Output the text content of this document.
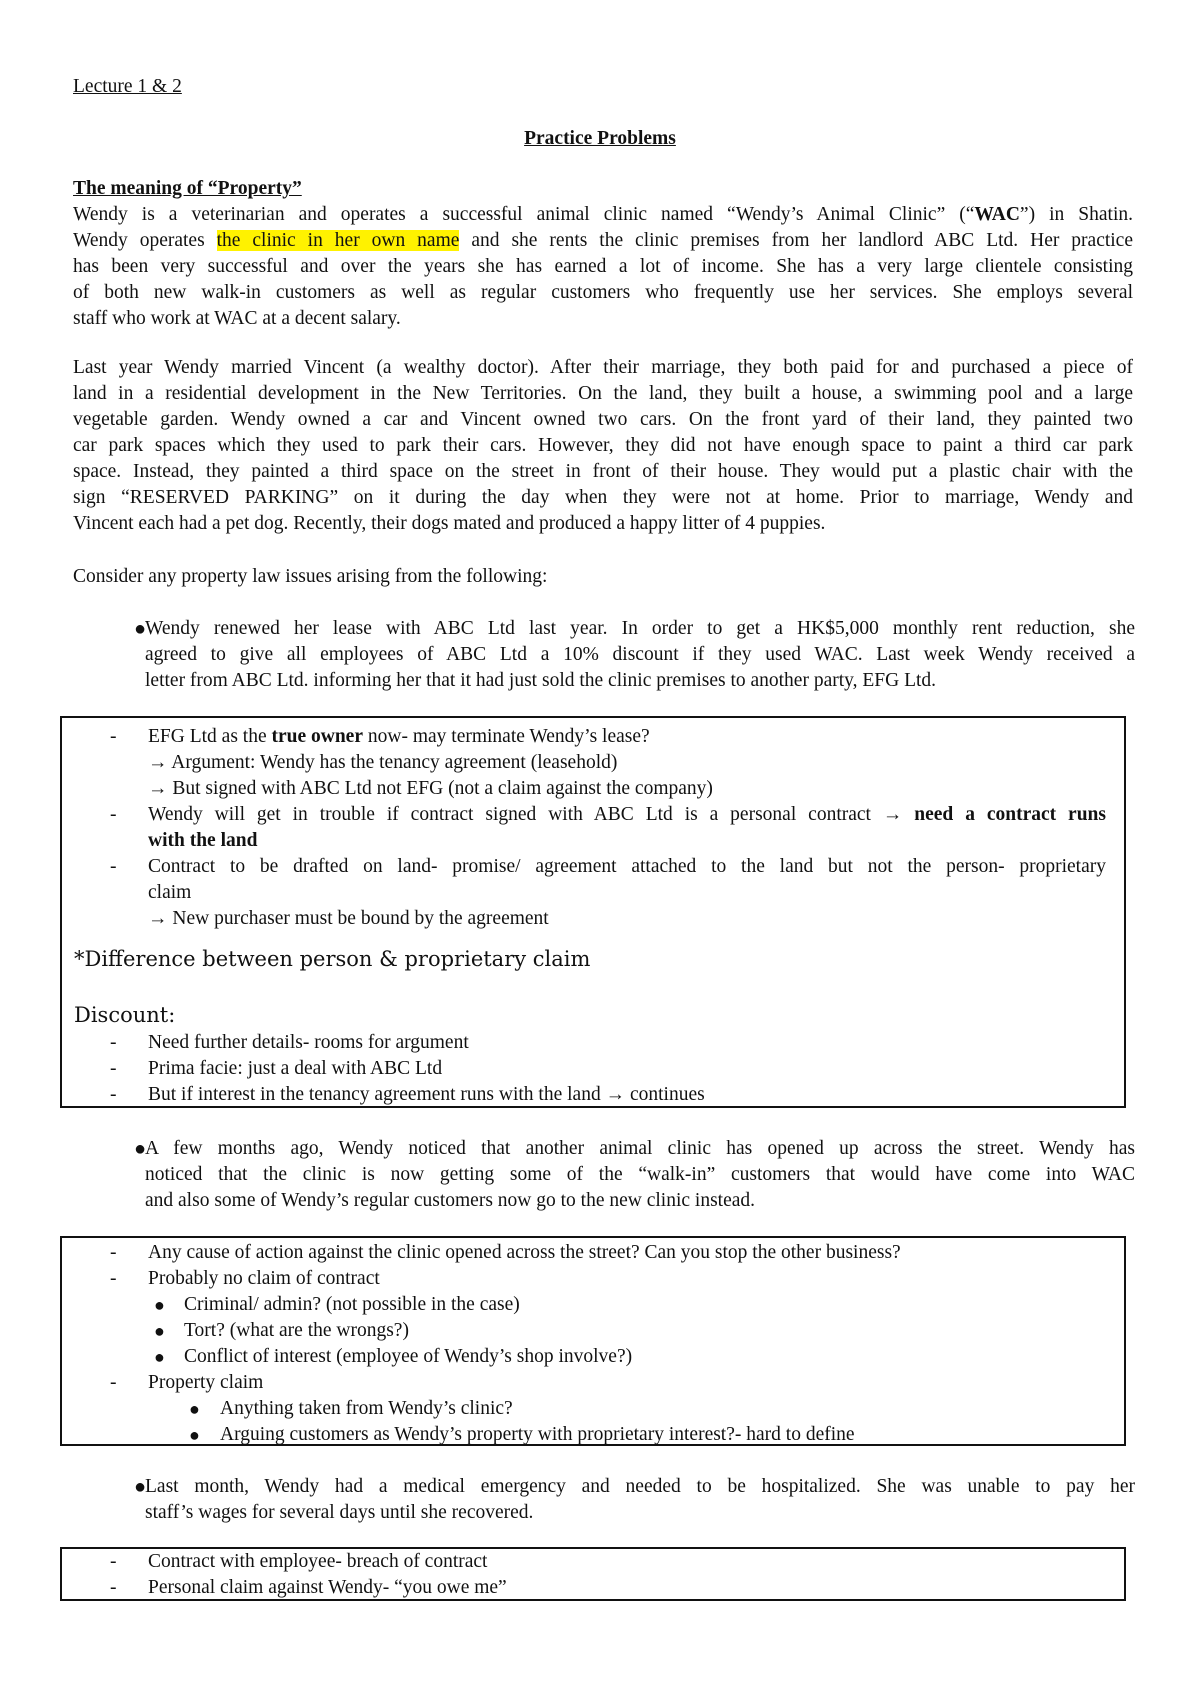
Lecture 1 & 2
Practice Problems
The meaning of “Property”
Wendy is a veterinarian and operates a successful animal clinic named “Wendy’s Animal Clinic” (“WAC”) in Shatin.
Wendy operates the clinic in her own name and she rents the clinic premises from her landlord ABC Ltd. Her practice
has been very successful and over the years she has earned a lot of income. She has a very large clientele consisting
of both new walk-in customers as well as regular customers who frequently use her services. She employs several
staff who work at WAC at a decent salary.
Last year Wendy married Vincent (a wealthy doctor). After their marriage, they both paid for and purchased a piece of
land in a residential development in the New Territories. On the land, they built a house, a swimming pool and a large
vegetable garden. Wendy owned a car and Vincent owned two cars. On the front yard of their land, they painted two
car park spaces which they used to park their cars. However, they did not have enough space to paint a third car park
space. Instead, they painted a third space on the street in front of their house. They would put a plastic chair with the
sign “RESERVED PARKING” on it during the day when they were not at home. Prior to marriage, Wendy and
Vincent each had a pet dog. Recently, their dogs mated and produced a happy litter of 4 puppies.
Consider any property law issues arising from the following:
●
Wendy renewed her lease with ABC Ltd last year. In order to get a HK$5,000 monthly rent reduction, she
agreed to give all employees of ABC Ltd a 10% discount if they used WAC. Last week Wendy received a
letter from ABC Ltd. informing her that it had just sold the clinic premises to another party, EFG Ltd.
- EFG Ltd as the true owner now- may terminate Wendy’s lease?
→ Argument: Wendy has the tenancy agreement (leasehold)
→ But signed with ABC Ltd not EFG (not a claim against the company)
- Wendy will get in trouble if contract signed with ABC Ltd is a personal contract → need a contract runs
with the land
- Contract to be drafted on land- promise/ agreement attached to the land but not the person- proprietary
claim
→ New purchaser must be bound by the agreement
*Difference between person & proprietary claim
Discount:
- Need further details- rooms for argument
- Prima facie: just a deal with ABC Ltd
- But if interest in the tenancy agreement runs with the land → continues
●
A few months ago, Wendy noticed that another animal clinic has opened up across the street. Wendy has
noticed that the clinic is now getting some of the “walk-in” customers that would have come into WAC
and also some of Wendy’s regular customers now go to the new clinic instead.
- Any cause of action against the clinic opened across the street? Can you stop the other business?
- Probably no claim of contract
● Criminal/ admin? (not possible in the case)
● Tort? (what are the wrongs?)
● Conflict of interest (employee of Wendy’s shop involve?)
- Property claim
● Anything taken from Wendy’s clinic?
● Arguing customers as Wendy’s property with proprietary interest?- hard to define
●
Last month, Wendy had a medical emergency and needed to be hospitalized. She was unable to pay her
staff’s wages for several days until she recovered.
- Contract with employee- breach of contract
- Personal claim against Wendy- “you owe me”
